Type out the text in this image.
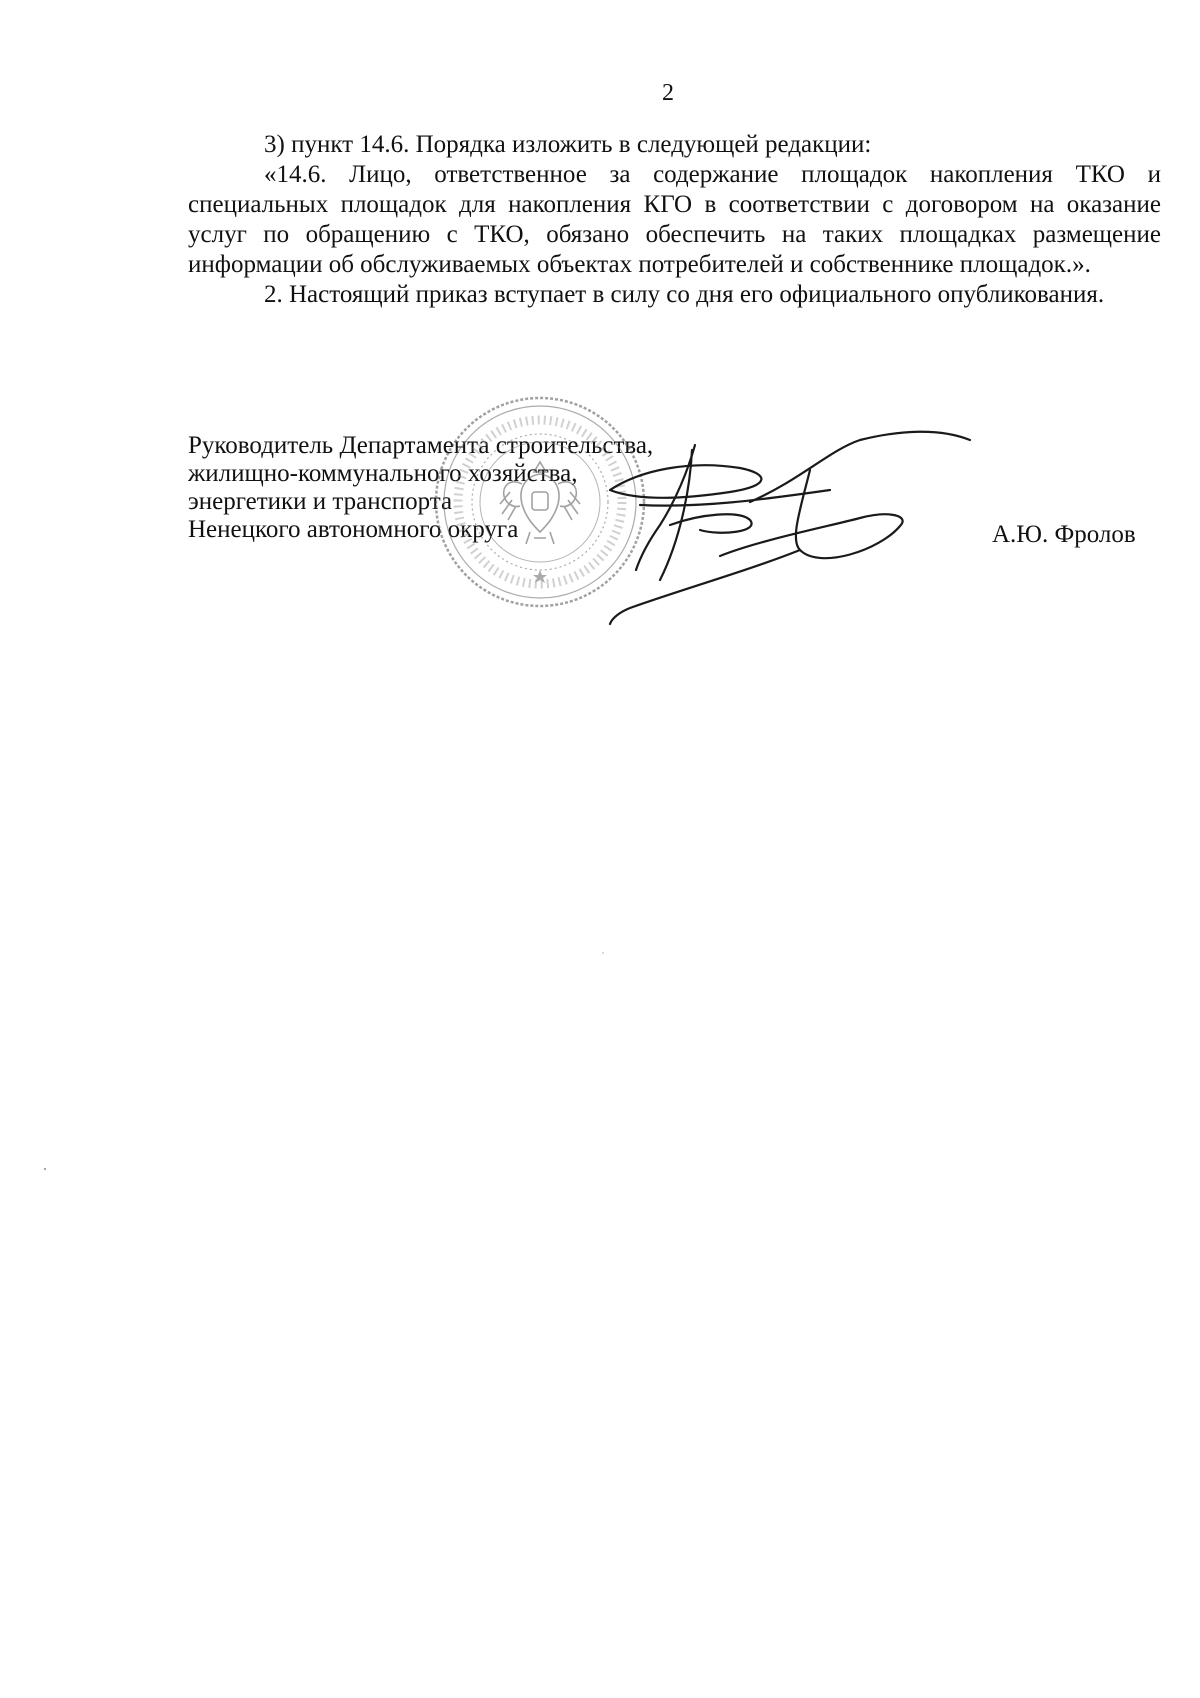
2

3) пункт 14.6. Порядка изложить в следующей редакции:

«14.6. Лицо, ответственное за содержание площадок накопления ТКО и специальных площадок для накопления КГО в соответствии с договором на оказание услуг по обращению с ТКО, обязано обеспечить на таких площадках размещение информации об обслуживаемых объектах потребителей и собственнике площадок.».

2. Настоящий приказ вступает в силу со дня его официального опубликования.

Руководитель Департамента строительства,
жилищно-коммунального хозяйства,
энергетики и транспорта
Ненецкого автономного округа	А.Ю. Фролов
